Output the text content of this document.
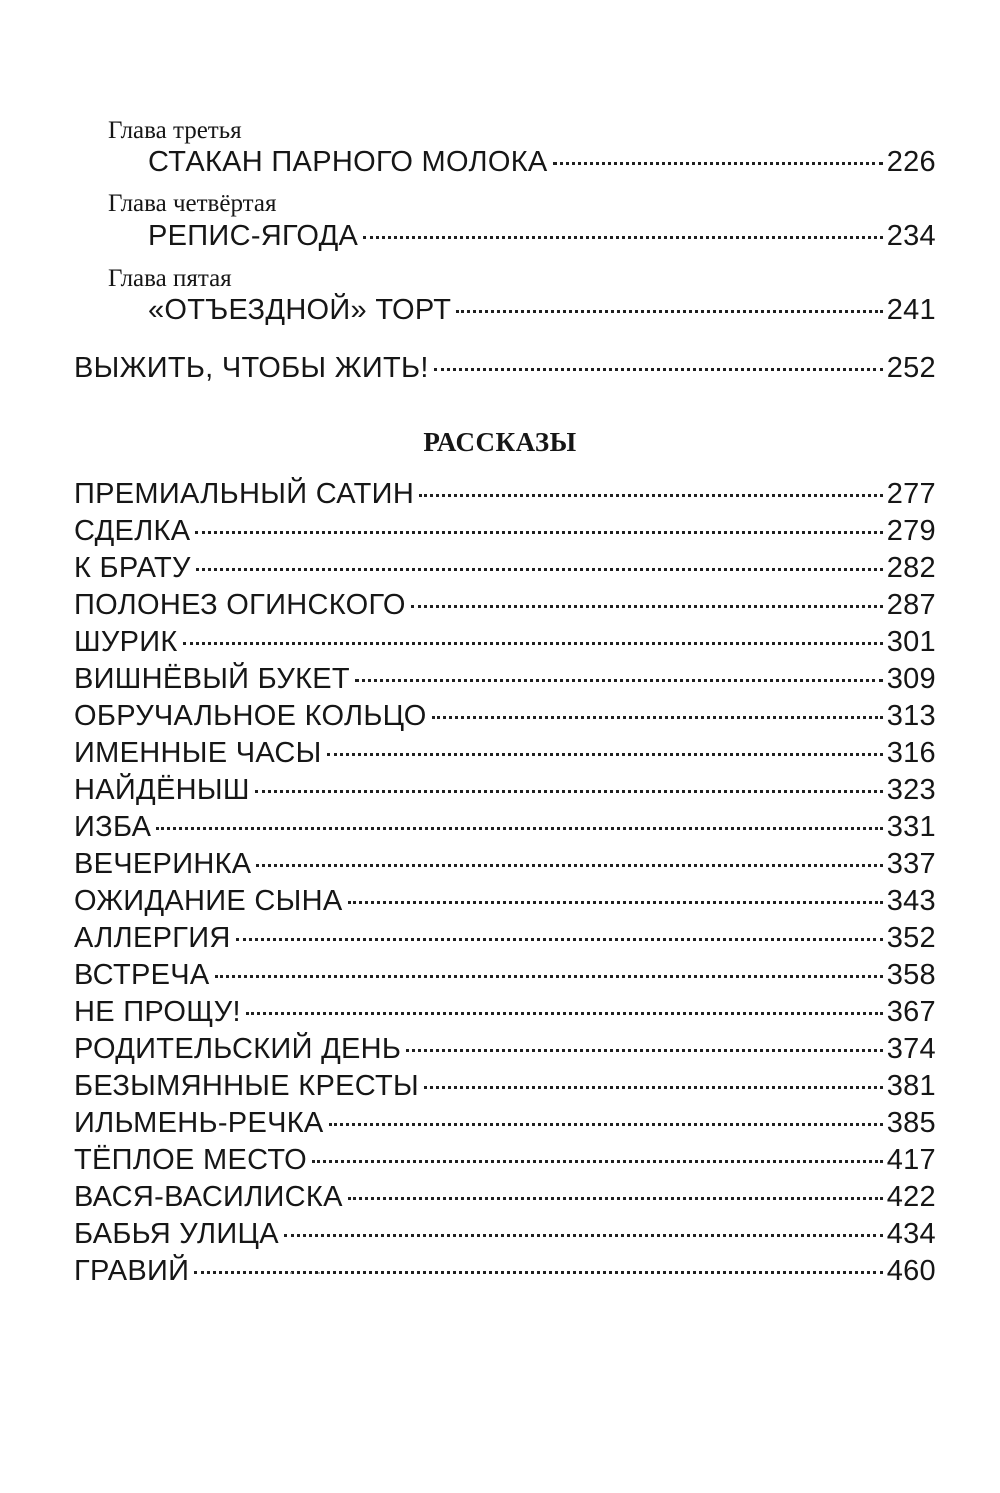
Глава третья
СТАКАН ПАРНОГО МОЛОКА	226
Глава четвёртая
РЕПИС-ЯГОДА	234
Глава пятая
«ОТЪЕЗДНОЙ» ТОРТ	241
ВЫЖИТЬ, ЧТОБЫ ЖИТЬ!	252
РАССКАЗЫ
ПРЕМИАЛЬНЫЙ САТИН	277
СДЕЛКА	279
К БРАТУ	282
ПОЛОНЕЗ ОГИНСКОГО	287
ШУРИК	301
ВИШНЁВЫЙ БУКЕТ	309
ОБРУЧАЛЬНОЕ КОЛЬЦО	313
ИМЕННЫЕ ЧАСЫ	316
НАЙДЁНЫШ	323
ИЗБА	331
ВЕЧЕРИНКА	337
ОЖИДАНИЕ СЫНА	343
АЛЛЕРГИЯ	352
ВСТРЕЧА	358
НЕ ПРОЩУ!	367
РОДИТЕЛЬСКИЙ ДЕНЬ	374
БЕЗЫМЯННЫЕ КРЕСТЫ	381
ИЛЬМЕНЬ-РЕЧКА	385
ТЁПЛОЕ МЕСТО	417
ВАСЯ-ВАСИЛИСКА	422
БАБЬЯ УЛИЦА	434
ГРАВИЙ	460
